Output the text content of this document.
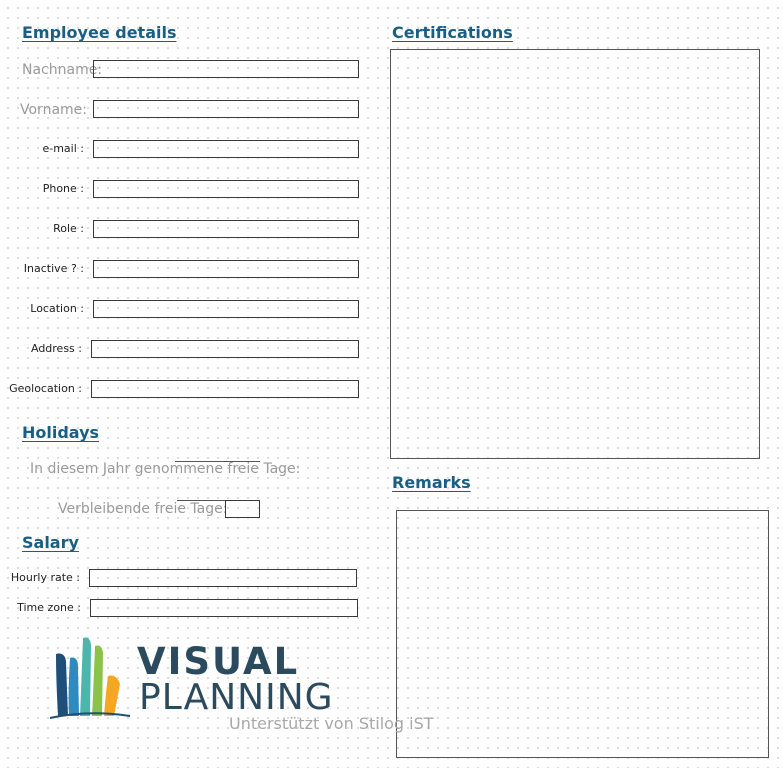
Employee details
Nachname:
Vorname:
e-mail :
Phone :
Role :
Inactive ? :
Location :
Address :
Geolocation :
Holidays
In diesem Jahr genommene freie Tage:
Verbleibende freie Tage:
Salary
Hourly rate :
Time zone :
Certifications
Remarks
VISUAL
PLANNING
Unterstützt von Stilog iST
